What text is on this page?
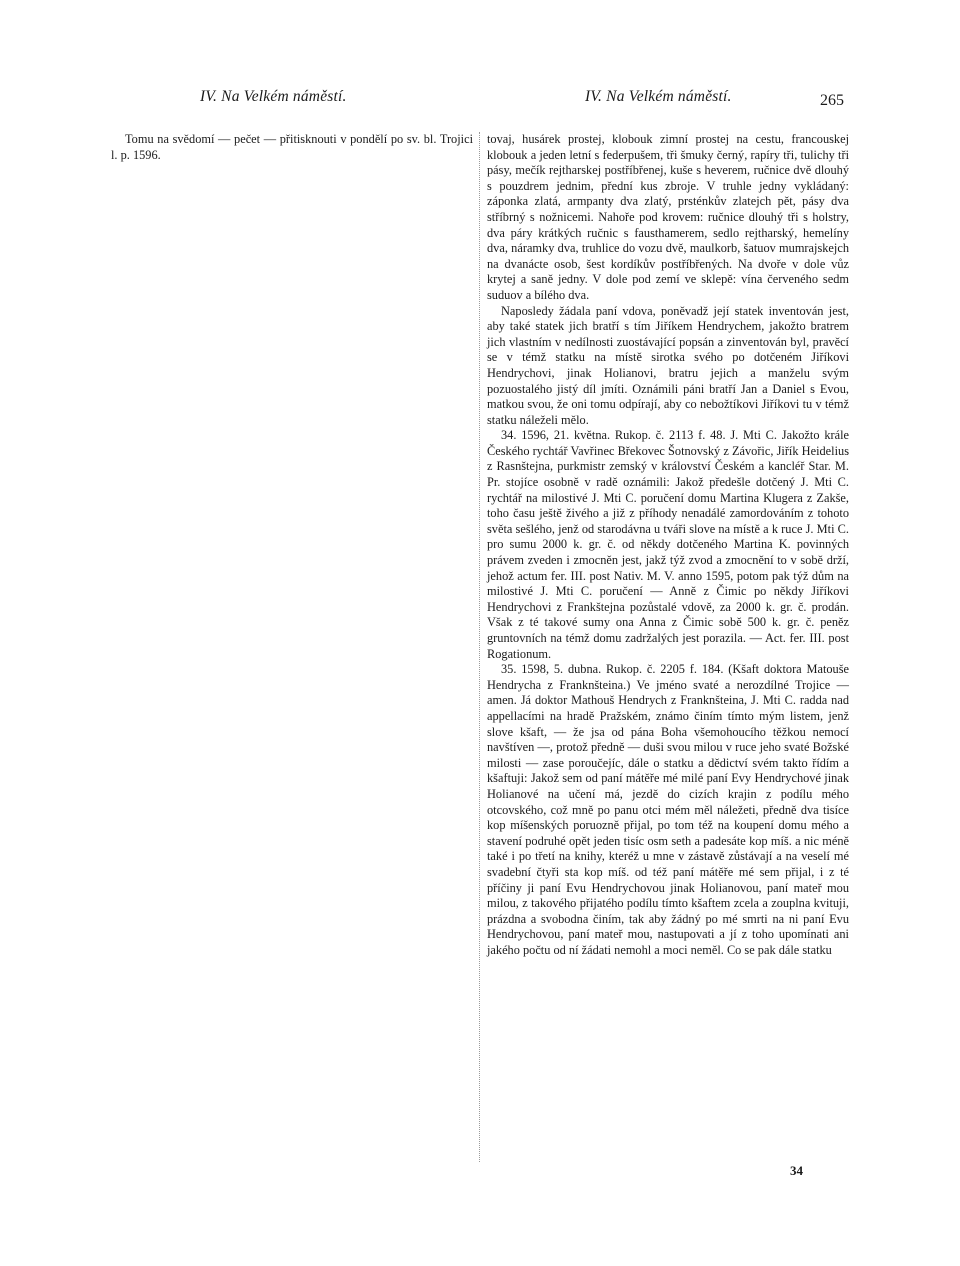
IV. Na Velkém náměstí.	IV. Na Velkém náměstí.	265

Tomu na svědomí — pečet — přitisknouti v pondělí po sv. bl. Trojici l. p. 1596.

tovaj, husárek prostej, klobouk zimní prostej na cestu, francouskej klobouk a jeden letní s federpušem, tři šmuky černý, rapíry tři, tulichy tři pásy, mečík rejtharskej postříbřenej, kuše s heverem, ručnice dvě dlouhý s pouzdrem jednim, přední kus zbroje. V truhle jedny vykládaný: záponka zlatá, armpanty dva zlatý, prsténkův zlatejch pět, pásy dva stříbrný s nožnicemi. Nahoře pod krovem: ručnice dlouhý tři s holstry, dva páry krátkých ručnic s fausthamerem, sedlo rejtharský, hemelíny dva, náramky dva, truhlice do vozu dvě, maulkorb, šatuov mumrajskejch na dvanácte osob, šest kordíkův postříbřených. Na dvoře v dole vůz krytej a saně jedny. V dole pod zemí ve sklepě: vína červeného sedm suduov a bílého dva.

Naposledy žádala paní vdova, poněvadž její statek inventován jest, aby také statek jich bratří s tím Jiříkem Hendrychem, jakožto bratrem jich vlastním v nedílnosti zuostávající popsán a zinventován byl, pravěcí se v témž statku na místě sirotka svého po dotčeném Jiříkovi Hendrychovi, jinak Holianovi, bratru jejich a manželu svým pozuostalého jistý díl jmíti. Oznámili páni bratří Jan a Daniel s Evou, matkou svou, že oni tomu odpírají, aby co nebožtíkovi Jiříkovi tu v témž statku náleželi mělo.

34. 1596, 21. května. Rukop. č. 2113 f. 48. J. Mti C. Jakožto krále Českého rychtář Vavřinec Břekovec Šotnovský z Závořic, Jiřík Heidelius z Rasnštejna, purkmistr zemský v království Českém a kancléř Star. M. Pr. stojíce osobně v radě oznámili: Jakož předešle dotčený J. Mti C. rychtář na milostivé J. Mti C. poručení domu Martina Klugera z Zakše, toho času ještě živého a již z příhody nenadálé zamordováním z tohoto světa sešlého, jenž od starodávna u tváři slove na místě a k ruce J. Mti C. pro sumu 2000 k. gr. č. od někdy dotčeného Martina K. povinných právem zveden i zmocněn jest, jakž týž zvod a zmocnění to v sobě drží, jehož actum fer. III. post Nativ. M. V. anno 1595, potom pak týž dům na milostivé J. Mti C. poručení — Anně z Čimic po někdy Jiříkovi Hendrychovi z Frankštejna pozůstalé vdově, za 2000 k. gr. č. prodán. Však z té takové sumy ona Anna z Čimic sobě 500 k. gr. č. peněz gruntovních na témž domu zadržalých jest porazila. — Act. fer. III. post Rogationum.

35. 1598, 5. dubna. Rukop. č. 2205 f. 184. (Kšaft doktora Matouše Hendrycha z Franknšteina.) Ve jméno svaté a nerozdílné Trojice — amen. Já doktor Mathouš Hendrych z Franknšteina, J. Mti C. radda nad appellacími na hradě Pražském, známo činím tímto mým listem, jenž slove kšaft, — že jsa od pána Boha všemohoucího těžkou nemocí navštíven —, protož předně — duši svou milou v ruce jeho svaté Božské milosti — zase poroučejíc, dále o statku a dědictví svém takto řídím a kšaftuji: Jakož sem od paní mátěře mé milé paní Evy Hendrychové jinak Holianové na učení má, jezdě do cizích krajin z podílu mého otcovského, což mně po panu otci mém měl náležeti, předně dva tisíce kop míšenských poruozně přijal, po tom též na koupení domu mého a stavení podruhé opět jeden tisíc osm seth a padesáte kop míš. a nic méně také i po třetí na knihy, kteréž u mne v zástavě zůstávají a na veselí mé svadební čtyři sta kop míš. od též paní mátěře mé sem přijal, i z té příčiny ji paní Evu Hendrychovou jinak Holianovou, paní mateř mou milou, z takového přijatého podílu tímto kšaftem zcela a zouplna kvituji, prázdna a svobodna činím, tak aby žádný po mé smrti na ni paní Evu Hendrychovou, paní mateř mou, nastupovati a jí z toho upomínati ani jakého počtu od ní žádati nemohl a moci neměl. Co se pak dále statku

34
